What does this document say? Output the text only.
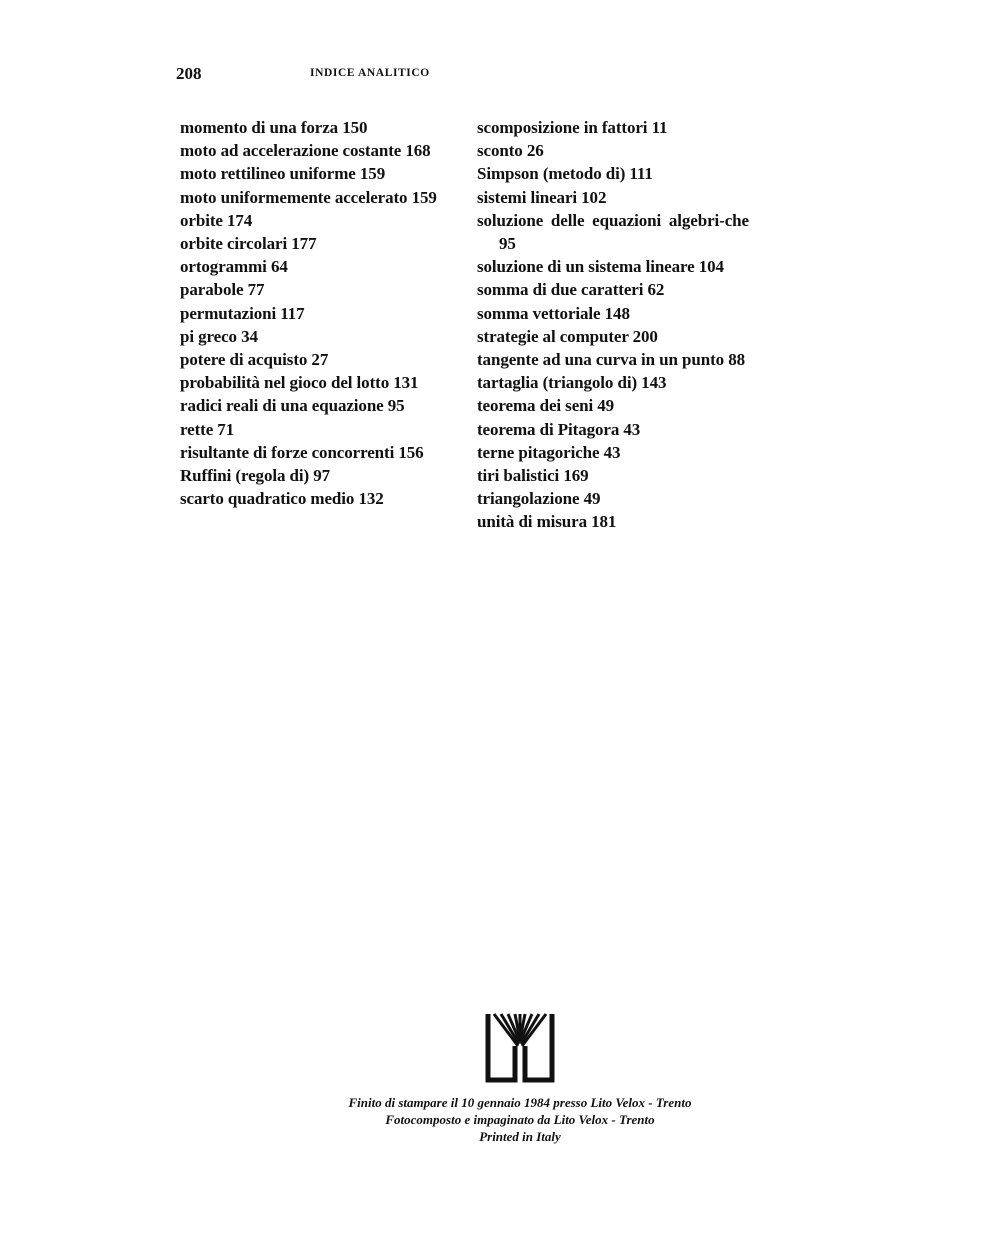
208	INDICE ANALITICO
momento di una forza 150
moto ad accelerazione costante 168
moto rettilineo uniforme 159
moto uniformemente accelerato 159
orbite 174
orbite circolari 177
ortogrammi 64
parabole 77
permutazioni 117
pi greco 34
potere di acquisto 27
probabilità nel gioco del lotto 131
radici reali di una equazione 95
rette 71
risultante di forze concorrenti 156
Ruffini (regola di) 97
scarto quadratico medio 132
scomposizione in fattori 11
sconto 26
Simpson (metodo di) 111
sistemi lineari 102
soluzione delle equazioni algebri-che 95
soluzione di un sistema lineare 104
somma di due caratteri 62
somma vettoriale 148
strategie al computer 200
tangente ad una curva in un punto 88
tartaglia (triangolo di) 143
teorema dei seni 49
teorema di Pitagora 43
terne pitagoriche 43
tiri balistici 169
triangolazione 49
unità di misura 181
Finito di stampare il 10 gennaio 1984 presso Lito Velox - Trento
Fotocomposto e impaginato da Lito Velox - Trento
Printed in Italy
